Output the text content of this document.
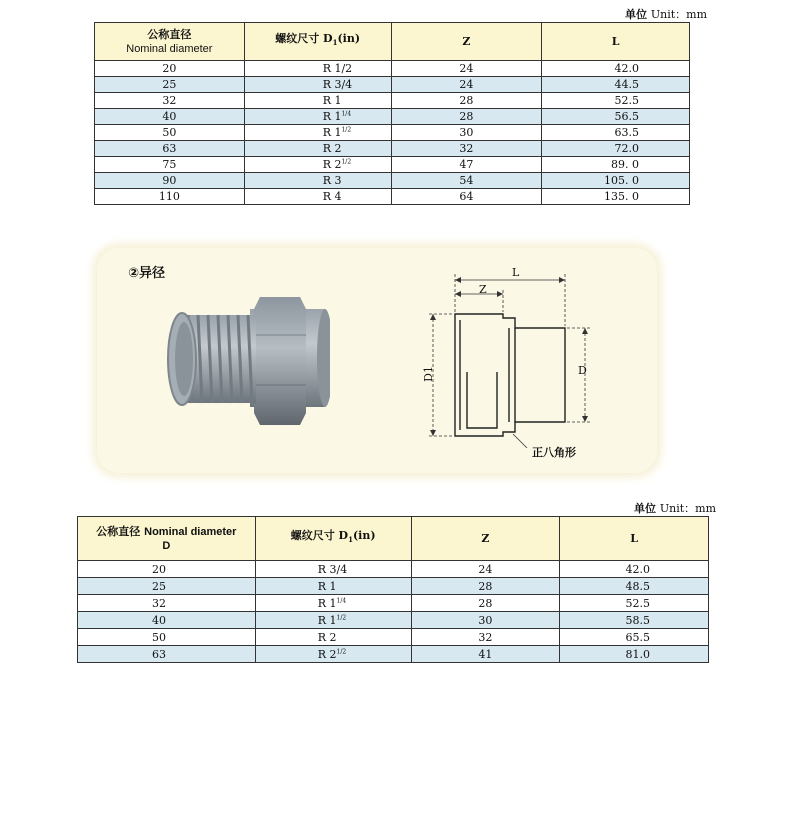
单位 Unit：mm
公称直径
Nominal diameter	螺纹尺寸 $D_1(in)$	Z	L
20	R 1/2	24	42.0
25	R 3/4	24	44.5
32	R 1	28	52.5
40	R $1^{1/4}$	28	56.5
50	R $1^{1/2}$	30	63.5
63	R 2	32	72.0
75	R $2^{1/2}$	47	89. 0
90	R 3	54	105. 0
110	R 4	64	135. 0
②异径	L
Z
D1	D
正八角形
单位 Unit：mm
公称直径 Nominal diameter
D	螺纹尺寸 $D_1(in)$	Z	L
20	R 3/4	24	42.0
25	R 1	28	48.5
32	R $1^{1/4}$	28	52.5
40	R $1^{1/2}$	30	58.5
50	R 2	32	65.5
63	R $2^{1/2}$	41	81.0
